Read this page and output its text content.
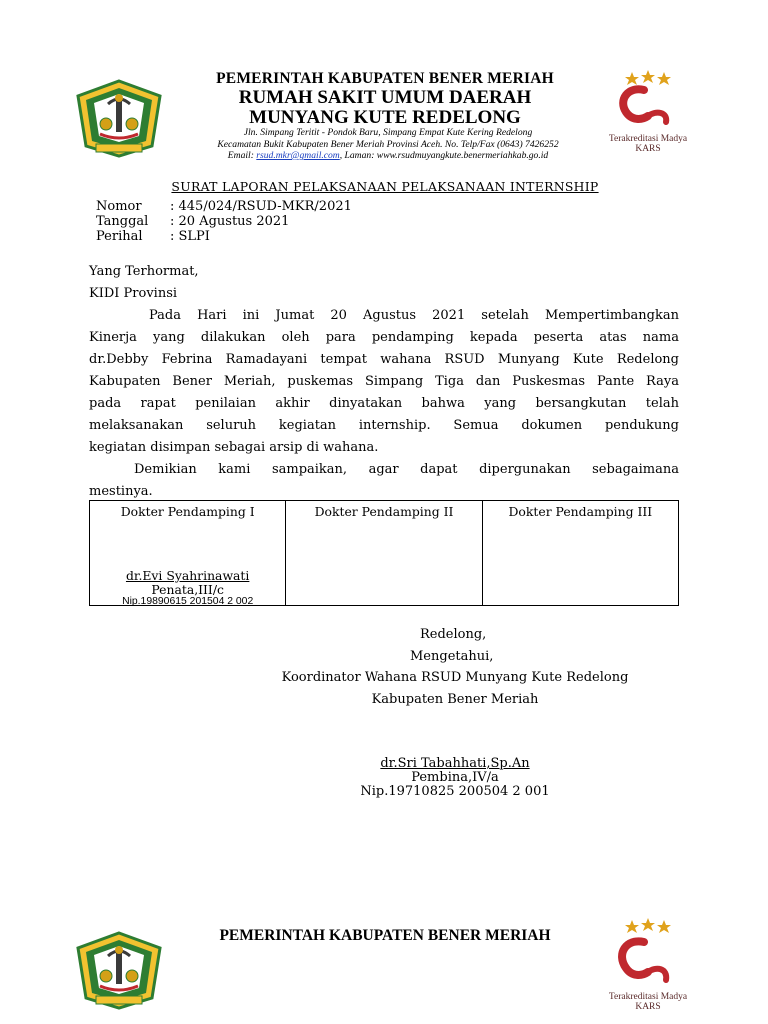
PEMERINTAH KABUPATEN BENER MERIAH
RUMAH SAKIT UMUM DAERAH
MUNYANG KUTE REDELONG
Jln. Simpang Teritit - Pondok Baru, Simpang Empat Kute Kering Redelong
Kecamatan Bukit Kabupaten Bener Meriah Provinsi Aceh. No. Telp/Fax (0643) 7426252
Email: rsud.mkr@gmail.com, Laman: www.rsudmuyangkute.benermeriahkab.go.id
Terakreditasi Madya
KARS
SURAT LAPORAN PELAKSANAAN PELAKSANAAN INTERNSHIP
Nomor : 445/024/RSUD-MKR/2021
Tanggal : 20 Agustus 2021
Perihal : SLPI
Yang Terhormat,
KIDI Provinsi
Pada Hari ini Jumat 20 Agustus 2021 setelah Mempertimbangkan
Kinerja yang dilakukan oleh para pendamping kepada peserta atas nama
dr.Debby Febrina Ramadayani tempat wahana RSUD Munyang Kute Redelong
Kabupaten Bener Meriah, puskemas Simpang Tiga dan Puskesmas Pante Raya
pada rapat penilaian akhir dinyatakan bahwa yang bersangkutan telah
melaksanakan seluruh kegiatan internship. Semua dokumen pendukung
kegiatan disimpan sebagai arsip di wahana.
Demikian kami sampaikan, agar dapat dipergunakan sebagaimana
mestinya.
Dokter Pendamping I
dr.Evi Syahrinawati
Penata,III/c
Nip.19890615 201504 2 002

Dokter Pendamping II	Dokter Pendamping III
Redelong,
Mengetahui,
Koordinator Wahana RSUD Munyang Kute Redelong
Kabupaten Bener Meriah
dr.Sri Tabahhati,Sp.An
Pembina,IV/a
Nip.19710825 200504 2 001
PEMERINTAH KABUPATEN BENER MERIAH
Terakreditasi Madya
KARS
